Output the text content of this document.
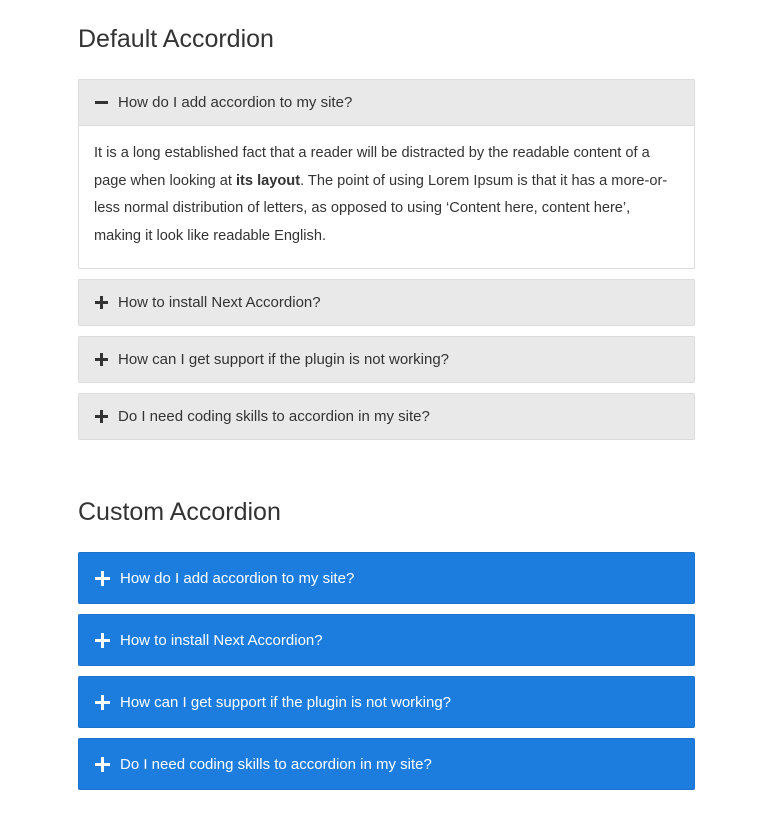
Default Accordion
How do I add accordion to my site?
It is a long established fact that a reader will be distracted by the readable content of a page when looking at its layout. The point of using Lorem Ipsum is that it has a more-or-less normal distribution of letters, as opposed to using ‘Content here, content here’, making it look like readable English.
How to install Next Accordion?
How can I get support if the plugin is not working?
Do I need coding skills to accordion in my site?
Custom Accordion
How do I add accordion to my site?
How to install Next Accordion?
How can I get support if the plugin is not working?
Do I need coding skills to accordion in my site?
